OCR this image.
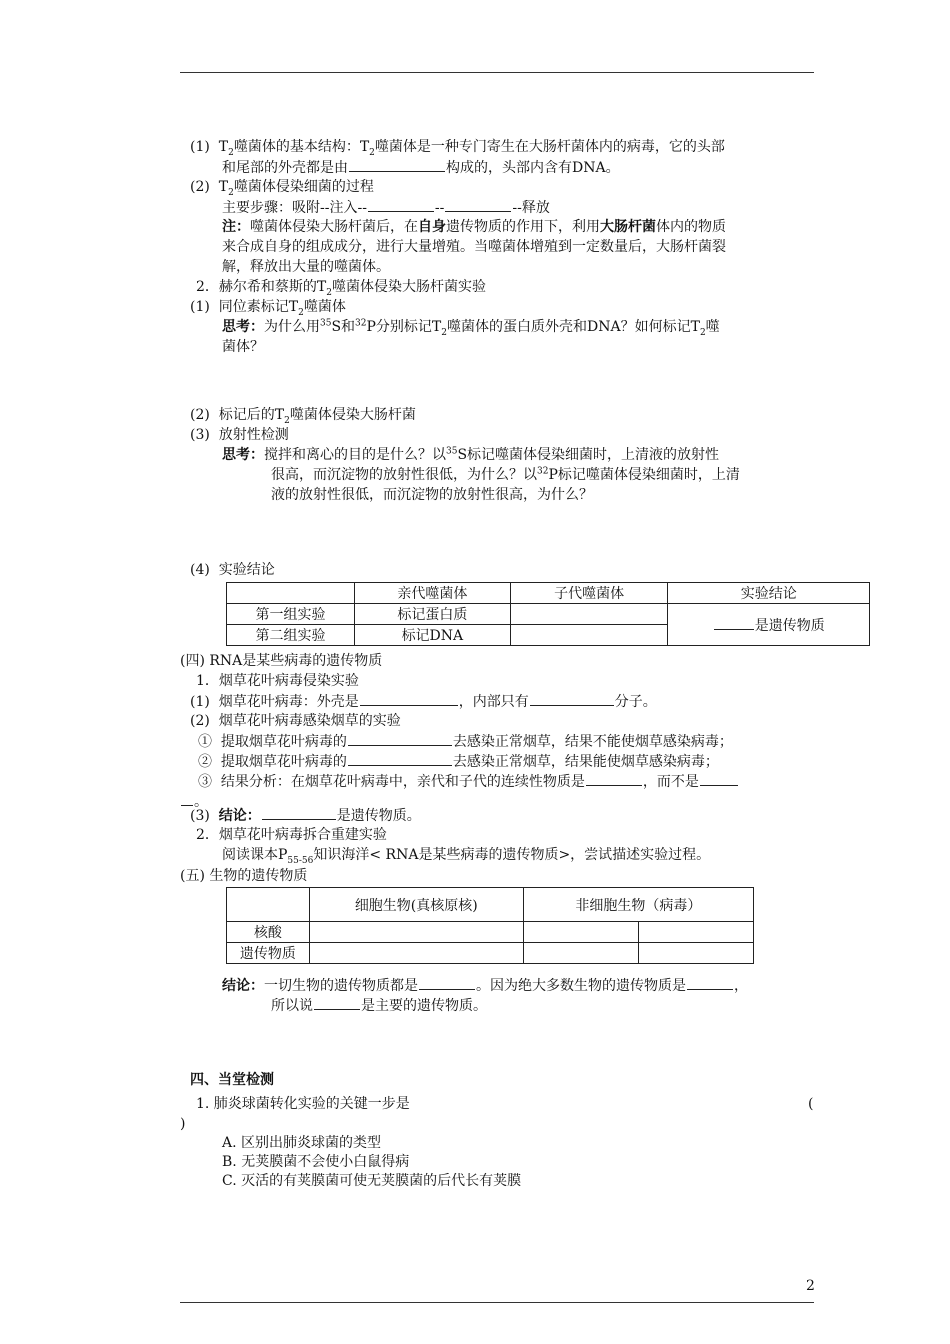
(1) $T_2$噬菌体的基本结构：$T_2$噬菌体是一种专门寄生在大肠杆菌体内的病毒，它的头部
和尾部的外壳都是由	构成的，头部内含有DNA。
(2) $T_2$噬菌体侵染细菌的过程
主要步骤：吸附--注入--	--	--释放
注：噬菌体侵染大肠杆菌后，在自身遗传物质的作用下，利用大肠杆菌体内的物质
来合成自身的组成成分，进行大量增殖。当噬菌体增殖到一定数量后，大肠杆菌裂
解，释放出大量的噬菌体。
2．赫尔希和蔡斯的$T_2$噬菌体侵染大肠杆菌实验
(1) 同位素标记$T_2$噬菌体
思考：为什么用$^{35}$S和$^{32}$P分别标记$T_2$噬菌体的蛋白质外壳和DNA？如何标记$T_2$噬
菌体？
(2) 标记后的$T_2$噬菌体侵染大肠杆菌
(3) 放射性检测
思考：搅拌和离心的目的是什么？以$^{35}$S标记噬菌体侵染细菌时，上清液的放射性
很高，而沉淀物的放射性很低，为什么？以$^{32}$P标记噬菌体侵染细菌时，上清
液的放射性很低，而沉淀物的放射性很高，为什么？
(4) 实验结论
	亲代噬菌体	子代噬菌体	实验结论
第一组实验	标记蛋白质		是遗传物质
第二组实验	标记DNA		
(四) RNA是某些病毒的遗传物质
1．烟草花叶病毒侵染实验
(1) 烟草花叶病毒：外壳是	，内部只有	分子。
(2) 烟草花叶病毒感染烟草的实验
① 提取烟草花叶病毒的	去感染正常烟草，结果不能使烟草感染病毒；
② 提取烟草花叶病毒的	去感染正常烟草，结果能使烟草感染病毒；
③ 结果分析：在烟草花叶病毒中，亲代和子代的连续性物质是	，而不是
。
(3) 结论：	是遗传物质。
2．烟草花叶病毒拆合重建实验
阅读课本$P_{55-56}$知识海洋< RNA是某些病毒的遗传物质>，尝试描述实验过程。
(五) 生物的遗传物质
	细胞生物(真核原核)	非细胞生物（病毒）	
核酸			
遗传物质			
结论：一切生物的遗传物质都是	。因为绝大多数生物的遗传物质是	，
所以说	是主要的遗传物质。
四、当堂检测
1. 肺炎球菌转化实验的关键一步是	(
)
A. 区别出肺炎球菌的类型
B. 无荚膜菌不会使小白鼠得病
C. 灭活的有荚膜菌可使无荚膜菌的后代长有荚膜
2
